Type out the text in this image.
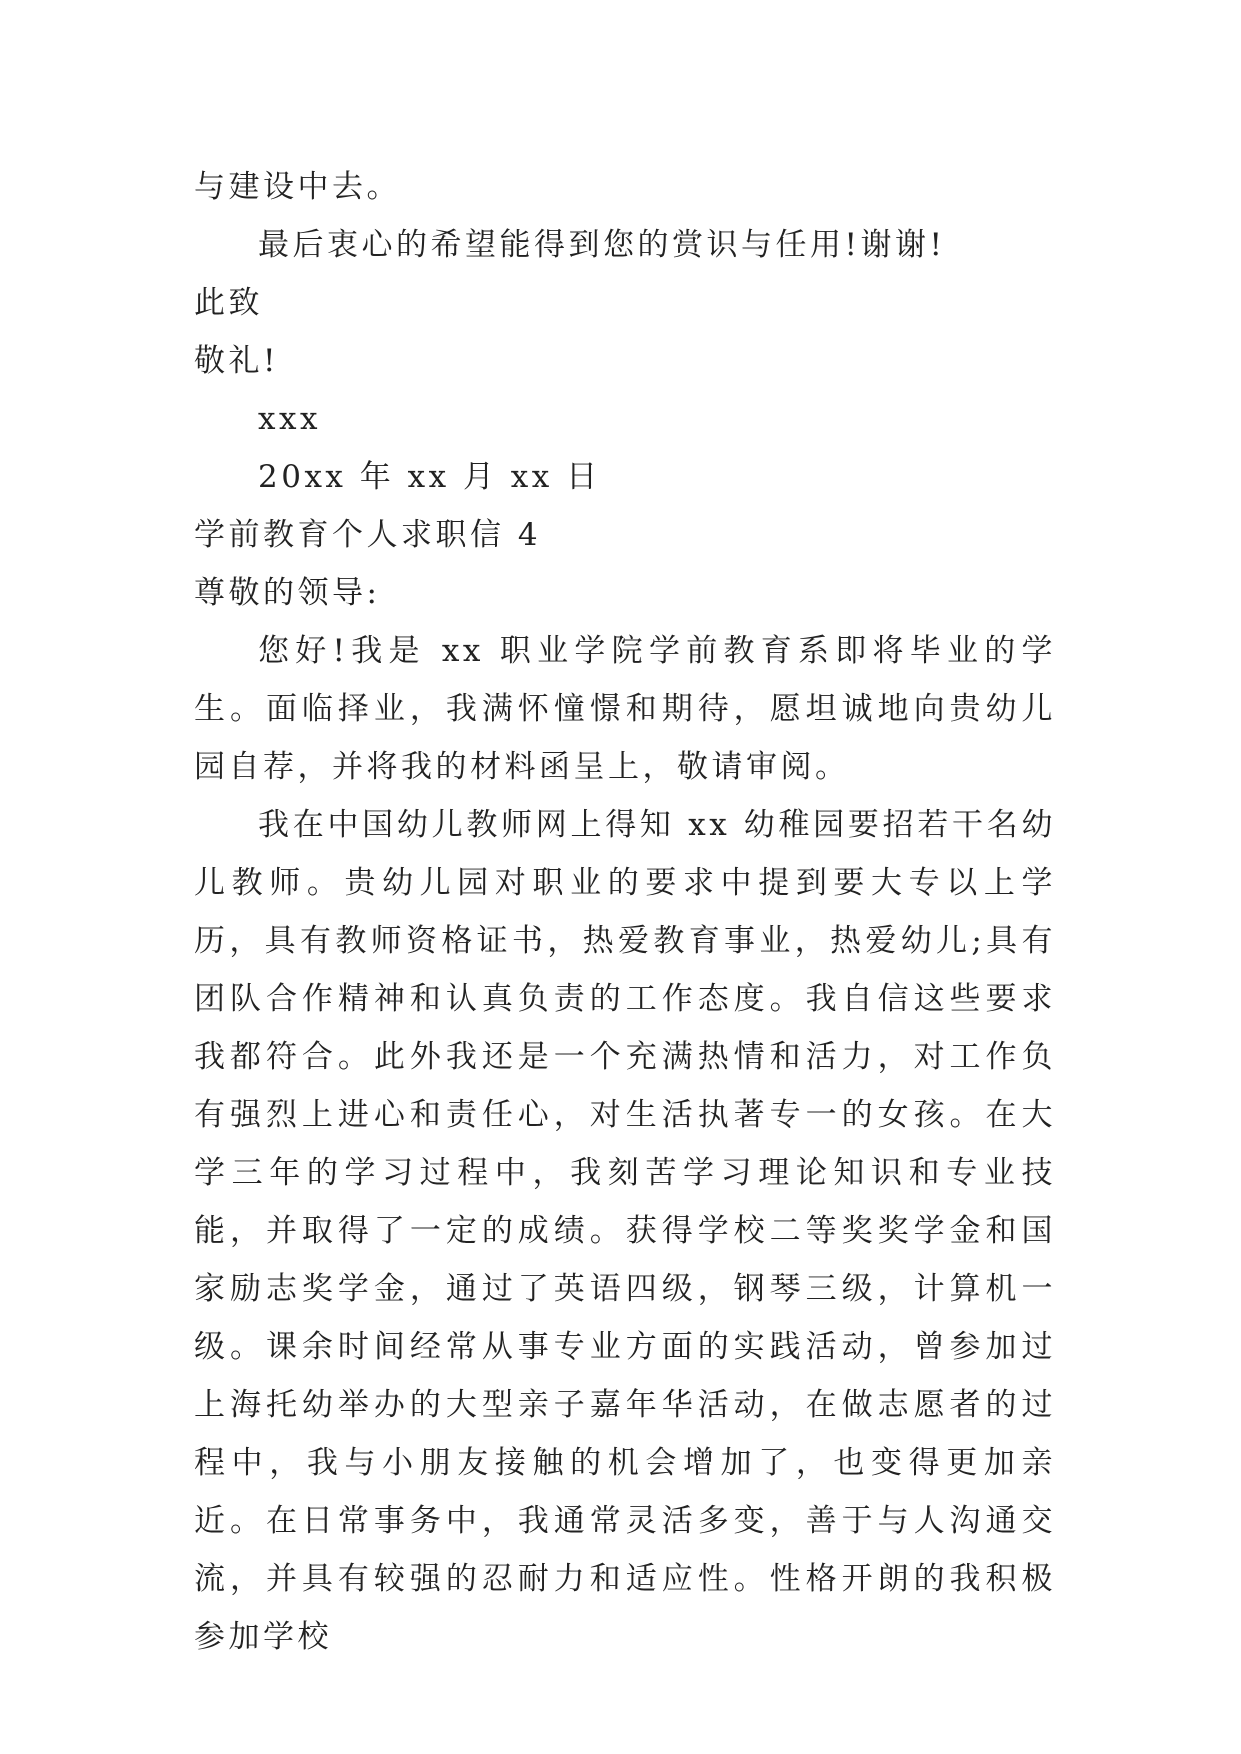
与建设中去。
最后衷心的希望能得到您的赏识与任用!谢谢!
此致
敬礼!
xxx
20xx 年 xx 月 xx 日
学前教育个人求职信 4
尊敬的领导:

您好!我是 xx 职业学院学前教育系即将毕业的学生。面临择业，我满怀憧憬和期待，愿坦诚地向贵幼儿园自荐，并将我的材料函呈上，敬请审阅。

我在中国幼儿教师网上得知 xx 幼稚园要招若干名幼儿教师。贵幼儿园对职业的要求中提到要大专以上学历，具有教师资格证书，热爱教育事业，热爱幼儿;具有团队合作精神和认真负责的工作态度。我自信这些要求我都符合。此外我还是一个充满热情和活力，对工作负有强烈上进心和责任心，对生活执著专一的女孩。在大学三年的学习过程中，我刻苦学习理论知识和专业技能，并取得了一定的成绩。获得学校二等奖奖学金和国家励志奖学金，通过了英语四级，钢琴三级，计算机一级。课余时间经常从事专业方面的实践活动，曾参加过上海托幼举办的大型亲子嘉年华活动，在做志愿者的过程中，我与小朋友接触的机会增加了，也变得更加亲近。在日常事务中，我通常灵活多变，善于与人沟通交流，并具有较强的忍耐力和适应性。性格开朗的我积极参加学校
